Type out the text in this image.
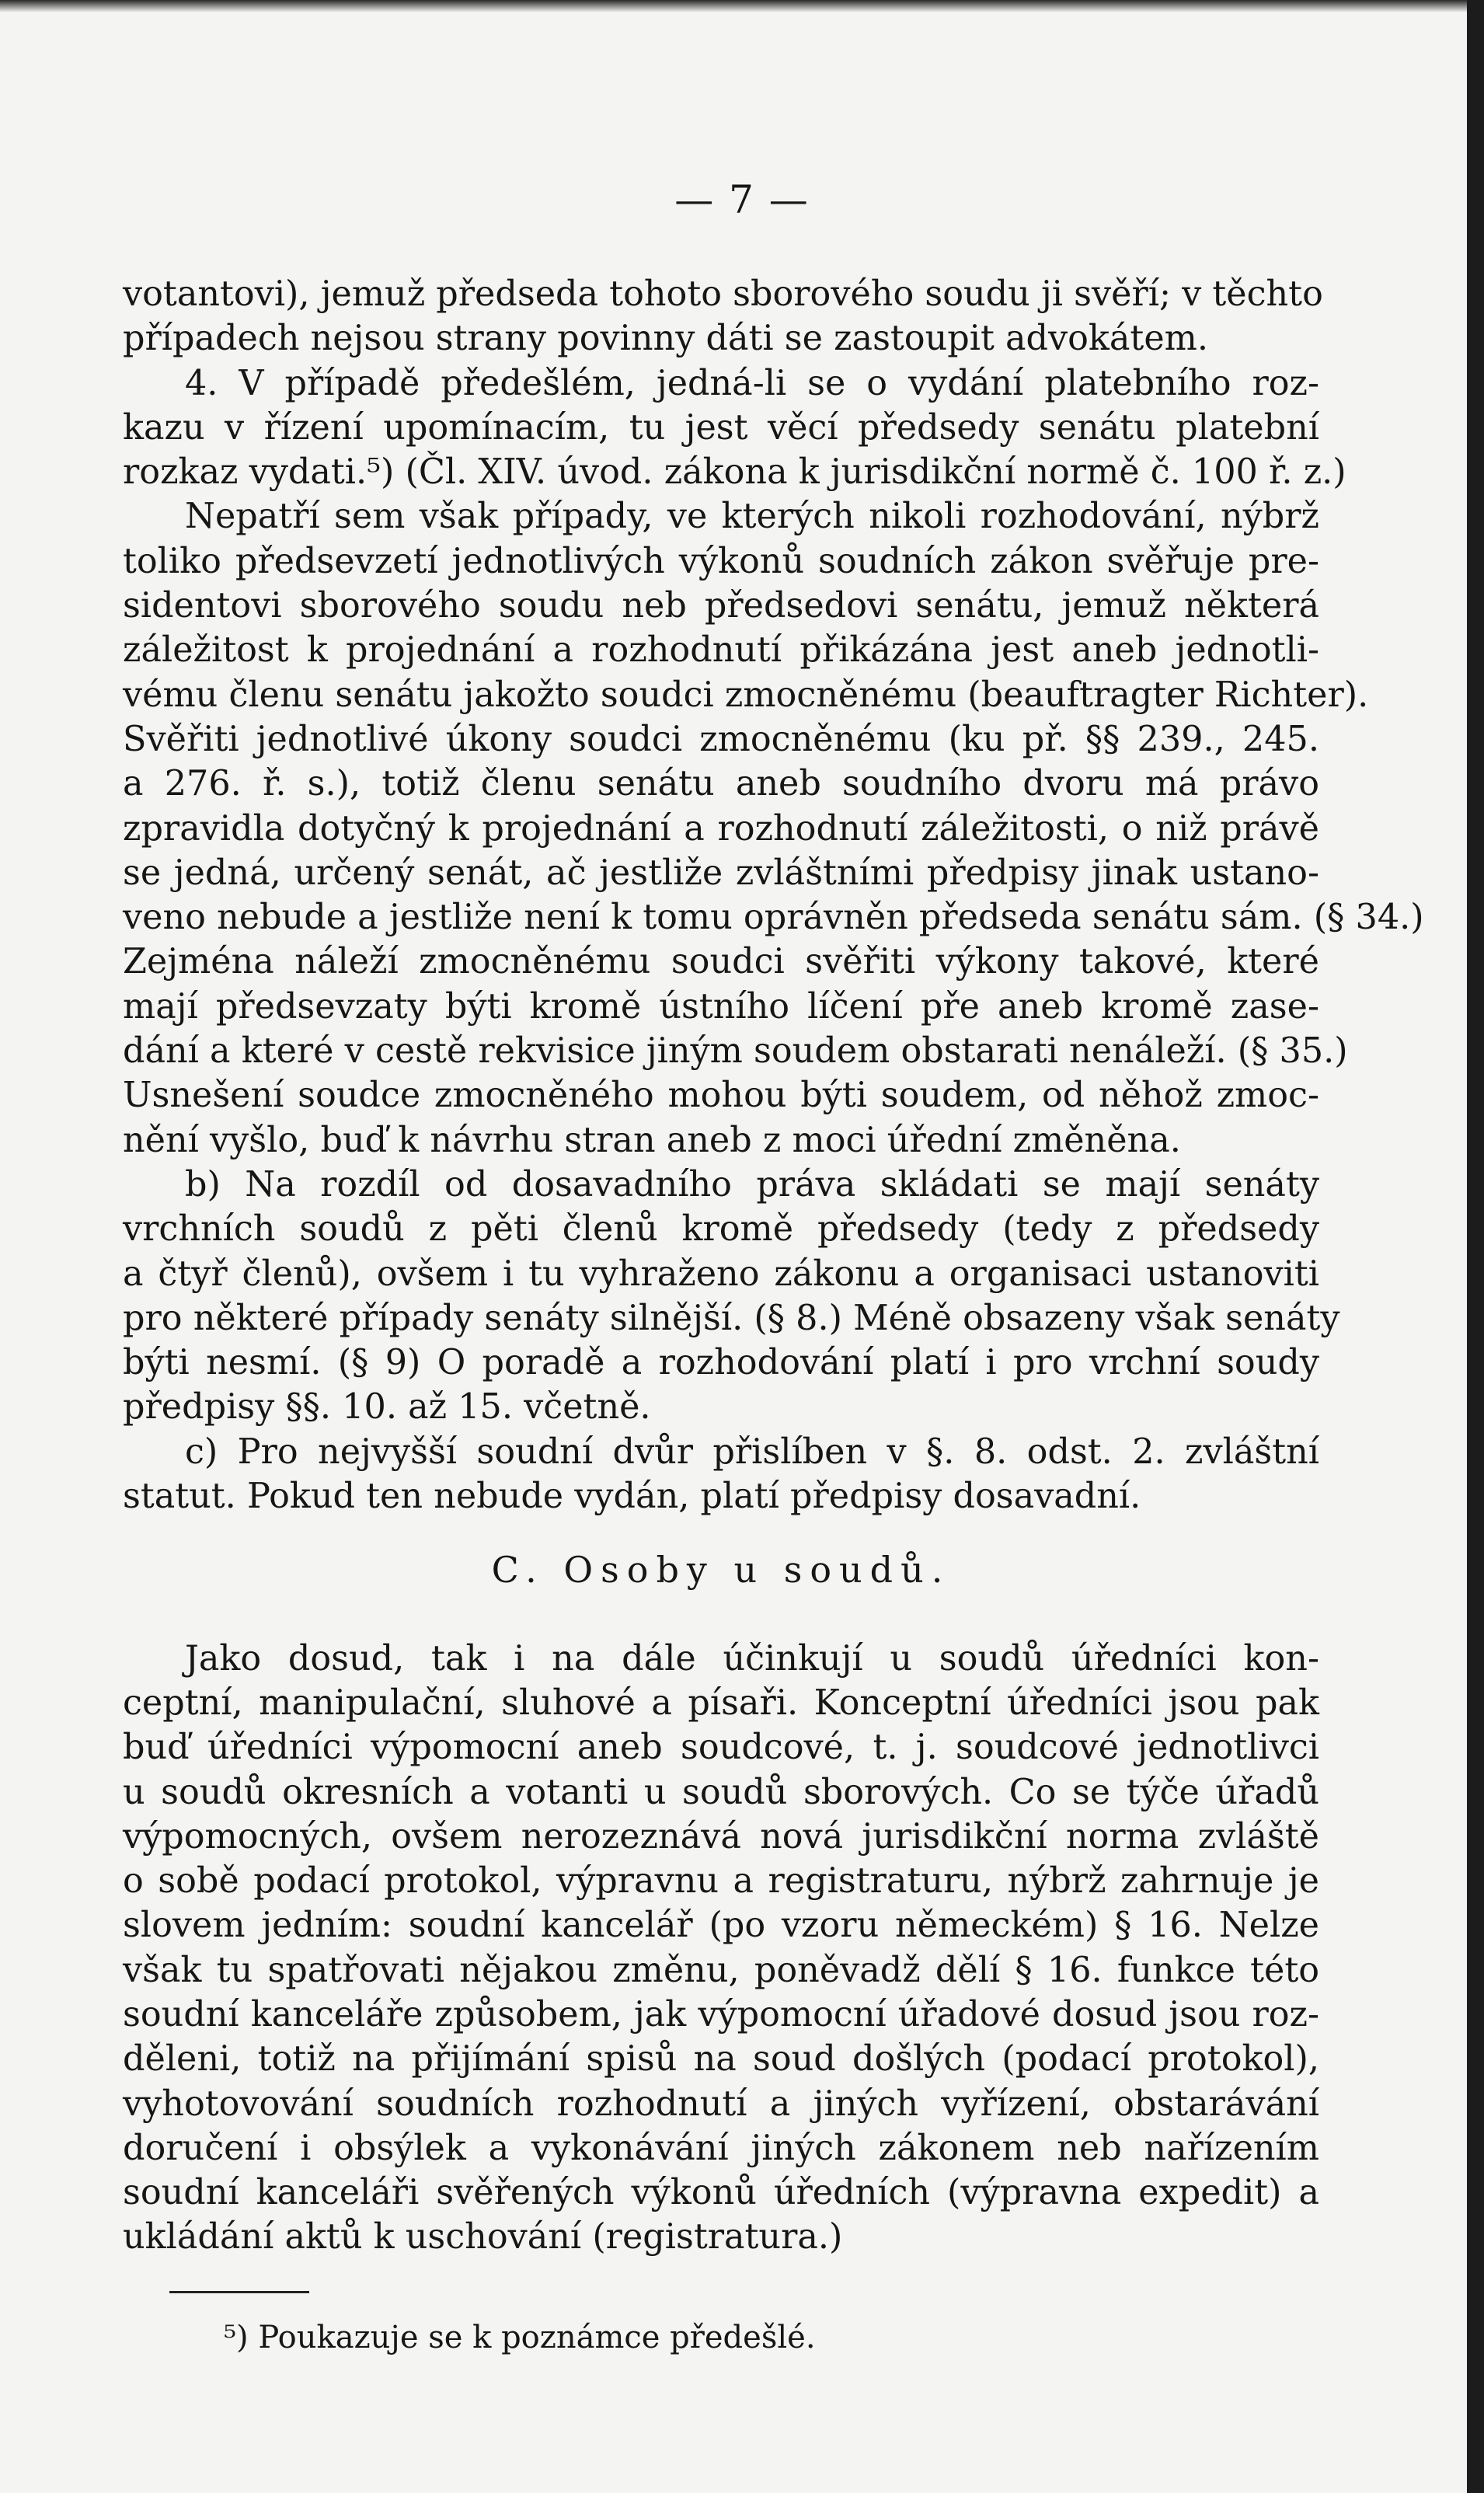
— 7 —
votantovi), jemuž předseda tohoto sborového soudu ji svěří; v těchto
případech nejsou strany povinny dáti se zastoupit advokátem.
4. V případě předešlém, jedná-li se o vydání platebního roz-
kazu v řízení upomínacím, tu jest věcí předsedy senátu platební
rozkaz vydati.⁵) (Čl. XIV. úvod. zákona k jurisdikční normě č. 100 ř. z.)
Nepatří sem však případy, ve kterých nikoli rozhodování, nýbrž
toliko předsevzetí jednotlivých výkonů soudních zákon svěřuje pre-
sidentovi sborového soudu neb předsedovi senátu, jemuž některá
záležitost k projednání a rozhodnutí přikázána jest aneb jednotli-
vému členu senátu jakožto soudci zmocněnému (beauftragter Richter).
Svěřiti jednotlivé úkony soudci zmocněnému (ku př. §§ 239., 245.
a 276. ř. s.), totiž členu senátu aneb soudního dvoru má právo
zpravidla dotyčný k projednání a rozhodnutí záležitosti, o niž právě
se jedná, určený senát, ač jestliže zvláštními předpisy jinak ustano-
veno nebude a jestliže není k tomu oprávněn předseda senátu sám. (§ 34.)
Zejména náleží zmocněnému soudci svěřiti výkony takové, které
mají předsevzaty býti kromě ústního líčení pře aneb kromě zase-
dání a které v cestě rekvisice jiným soudem obstarati nenáleží. (§ 35.)
Usnešení soudce zmocněného mohou býti soudem, od něhož zmoc-
nění vyšlo, buď k návrhu stran aneb z moci úřední změněna.
b) Na rozdíl od dosavadního práva skládati se mají senáty
vrchních soudů z pěti členů kromě předsedy (tedy z předsedy
a čtyř členů), ovšem i tu vyhraženo zákonu a organisaci ustanoviti
pro některé případy senáty silnější. (§ 8.) Méně obsazeny však senáty
býti nesmí. (§ 9) O poradě a rozhodování platí i pro vrchní soudy
předpisy §§. 10. až 15. včetně.
c) Pro nejvyšší soudní dvůr přislíben v §. 8. odst. 2. zvláštní
statut. Pokud ten nebude vydán, platí předpisy dosavadní.
C. Osoby u soudů.
Jako dosud, tak i na dále účinkují u soudů úředníci kon-
ceptní, manipulační, sluhové a písaři. Konceptní úředníci jsou pak
buď úředníci výpomocní aneb soudcové, t. j. soudcové jednotlivci
u soudů okresních a votanti u soudů sborových. Co se týče úřadů
výpomocných, ovšem nerozeznává nová jurisdikční norma zvláště
o sobě podací protokol, výpravnu a registraturu, nýbrž zahrnuje je
slovem jedním: soudní kancelář (po vzoru německém) § 16. Nelze
však tu spatřovati nějakou změnu, poněvadž dělí § 16. funkce této
soudní kanceláře způsobem, jak výpomocní úřadové dosud jsou roz-
děleni, totiž na přijímání spisů na soud došlých (podací protokol),
vyhotovování soudních rozhodnutí a jiných vyřízení, obstarávání
doručení i obsýlek a vykonávání jiných zákonem neb nařízením
soudní kanceláři svěřených výkonů úředních (výpravna expedit) a
ukládání aktů k uschování (registratura.)
⁵) Poukazuje se k poznámce předešlé.
